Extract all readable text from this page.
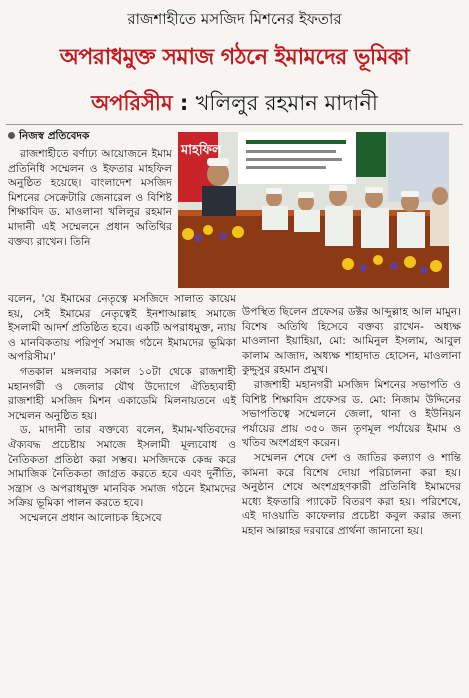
রাজশাহীতে মসজিদ মিশনের ইফতার
অপরাধমুক্ত সমাজ গঠনে ইমামদের ভূমিকা
অপরিসীম : খলিলুর রহমান মাদানী
নিজস্ব প্রতিবেদক
মাহফিল

রাজশাহীতে বর্ণাঢ্য আয়োজনে ইমাম প্রতিনিধি সম্মেলন ও ইফতার মাহফিল অনুষ্ঠিত হয়েছে। বাংলাদেশ মসজিদ মিশনের সেক্রেটারি জেনারেল ও বিশিষ্ট শিক্ষাবিদ ড. মাওলানা খলিলুর রহমান মাদানী এই সম্মেলনে প্রধান অতিথির বক্তব্য রাখেন। তিনি

বলেন, 'যে ইমামের নেতৃত্বে মসজিদে সালাত কায়েম হয়, সেই ইমামের নেতৃত্বেই ইনশাআল্লাহ সমাজে ইসলামী আদর্শ প্রতিষ্ঠিত হবে। একটি অপরাধমুক্ত, ন্যায় ও মানবিকতায় পরিপূর্ণ সমাজ গঠনে ইমামদের ভূমিকা অপরিসীম।'

গতকাল মঙ্গলবার সকাল ১০টা থেকে রাজশাহী মহানগরী ও জেলার যৌথ উদ্যোগে ঐতিহ্যবাহী রাজশাহী মসজিদ মিশন একাডেমি মিলনায়তনে এই সম্মেলন অনুষ্ঠিত হয়।

ড. মাদানী তার বক্তব্যে বলেন, ইমাম-খতিবদের ঐক্যবদ্ধ প্রচেষ্টায় সমাজে ইসলামী মূল্যবোধ ও নৈতিকতা প্রতিষ্ঠা করা সম্ভব। মসজিদকে কেন্দ্র করে সামাজিক নৈতিকতা জাগ্রত করতে হবে এবং দুর্নীতি, সন্ত্রাস ও অপরাধমুক্ত মানবিক সমাজ গঠনে ইমামদের সক্রিয় ভূমিকা পালন করতে হবে।

সম্মেলনে প্রধান আলোচক হিসেবে

উপস্থিত ছিলেন প্রফেসর ডক্টর আব্দুল্লাহ আল মামুন। বিশেষ অতিথি হিসেবে বক্তব্য রাখেন- অধ্যক্ষ মাওলানা ইয়াহিয়া, মো: আমিনুল ইসলাম, আবুল কালাম আজাদ, অধ্যক্ষ শাহাদাত হোসেন, মাওলানা কুদ্দুসুর রহমান প্রমুখ।

রাজশাহী মহানগরী মসজিদ মিশনের সভাপতি ও বিশিষ্ট শিক্ষাবিদ প্রফেসর ড. মো: নিজাম উদ্দিনের সভাপতিত্বে সম্মেলনে জেলা, থানা ও ইউনিয়ন পর্যায়ের প্রায় ৩৫০ জন তৃণমূল পর্যায়ের ইমাম ও খতিব অংশগ্রহণ করেন।

সম্মেলন শেষে দেশ ও জাতির কল্যাণ ও শান্তি কামনা করে বিশেষ দোয়া পরিচালনা করা হয়। অনুষ্ঠান শেষে অংশগ্রহণকারী প্রতিনিধি ইমামদের মধ্যে ইফতারি প্যাকেট বিতরণ করা হয়। পরিশেষে, এই দাওয়াতি কাফেলার প্রচেষ্টা কবুল করার জন্য মহান আল্লাহর দরবারে প্রার্থনা জানানো হয়।
